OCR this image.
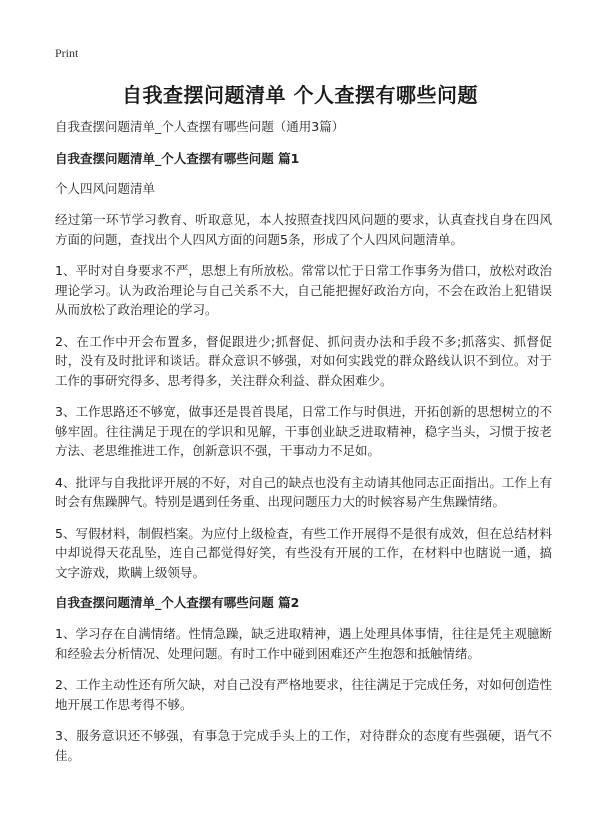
Print
自我查摆问题清单 个人查摆有哪些问题

自我查摆问题清单_个人查摆有哪些问题（通用3篇）

自我查摆问题清单_个人查摆有哪些问题 篇1

个人四风问题清单

经过第一环节学习教育、听取意见，本人按照查找四风问题的要求，认真查找自身在四风方面的问题，查找出个人四风方面的问题5条，形成了个人四风问题清单。

1、平时对自身要求不严，思想上有所放松。常常以忙于日常工作事务为借口，放松对政治理论学习。认为政治理论与自己关系不大，自己能把握好政治方向，不会在政治上犯错误从而放松了政治理论的学习。

2、在工作中开会布置多，督促跟进少;抓督促、抓问责办法和手段不多;抓落实、抓督促时，没有及时批评和谈话。群众意识不够强，对如何实践党的群众路线认识不到位。对于工作的事研究得多、思考得多，关注群众利益、群众困难少。

3、工作思路还不够宽，做事还是畏首畏尾，日常工作与时俱进，开拓创新的思想树立的不够牢固。往往满足于现在的学识和见解，干事创业缺乏进取精神，稳字当头，习惯于按老方法、老思维推进工作，创新意识不强，干事动力不足如。

4、批评与自我批评开展的不好，对自己的缺点也没有主动请其他同志正面指出。工作上有时会有焦躁脾气。特别是遇到任务重、出现问题压力大的时候容易产生焦躁情绪。

5、写假材料，制假档案。为应付上级检查，有些工作开展得不是很有成效，但在总结材料中却说得天花乱坠，连自己都觉得好笑，有些没有开展的工作，在材料中也瞎说一通，搞文字游戏，欺瞒上级领导。

自我查摆问题清单_个人查摆有哪些问题 篇2

1、学习存在自满情绪。性情急躁，缺乏进取精神，遇上处理具体事情，往往是凭主观臆断和经验去分析情况、处理问题。有时工作中碰到困难还产生抱怨和抵触情绪。

2、工作主动性还有所欠缺，对自己没有严格地要求，往往满足于完成任务，对如何创造性地开展工作思考得不够。

3、服务意识还不够强，有事急于完成手头上的工作，对待群众的态度有些强硬，语气不佳。
